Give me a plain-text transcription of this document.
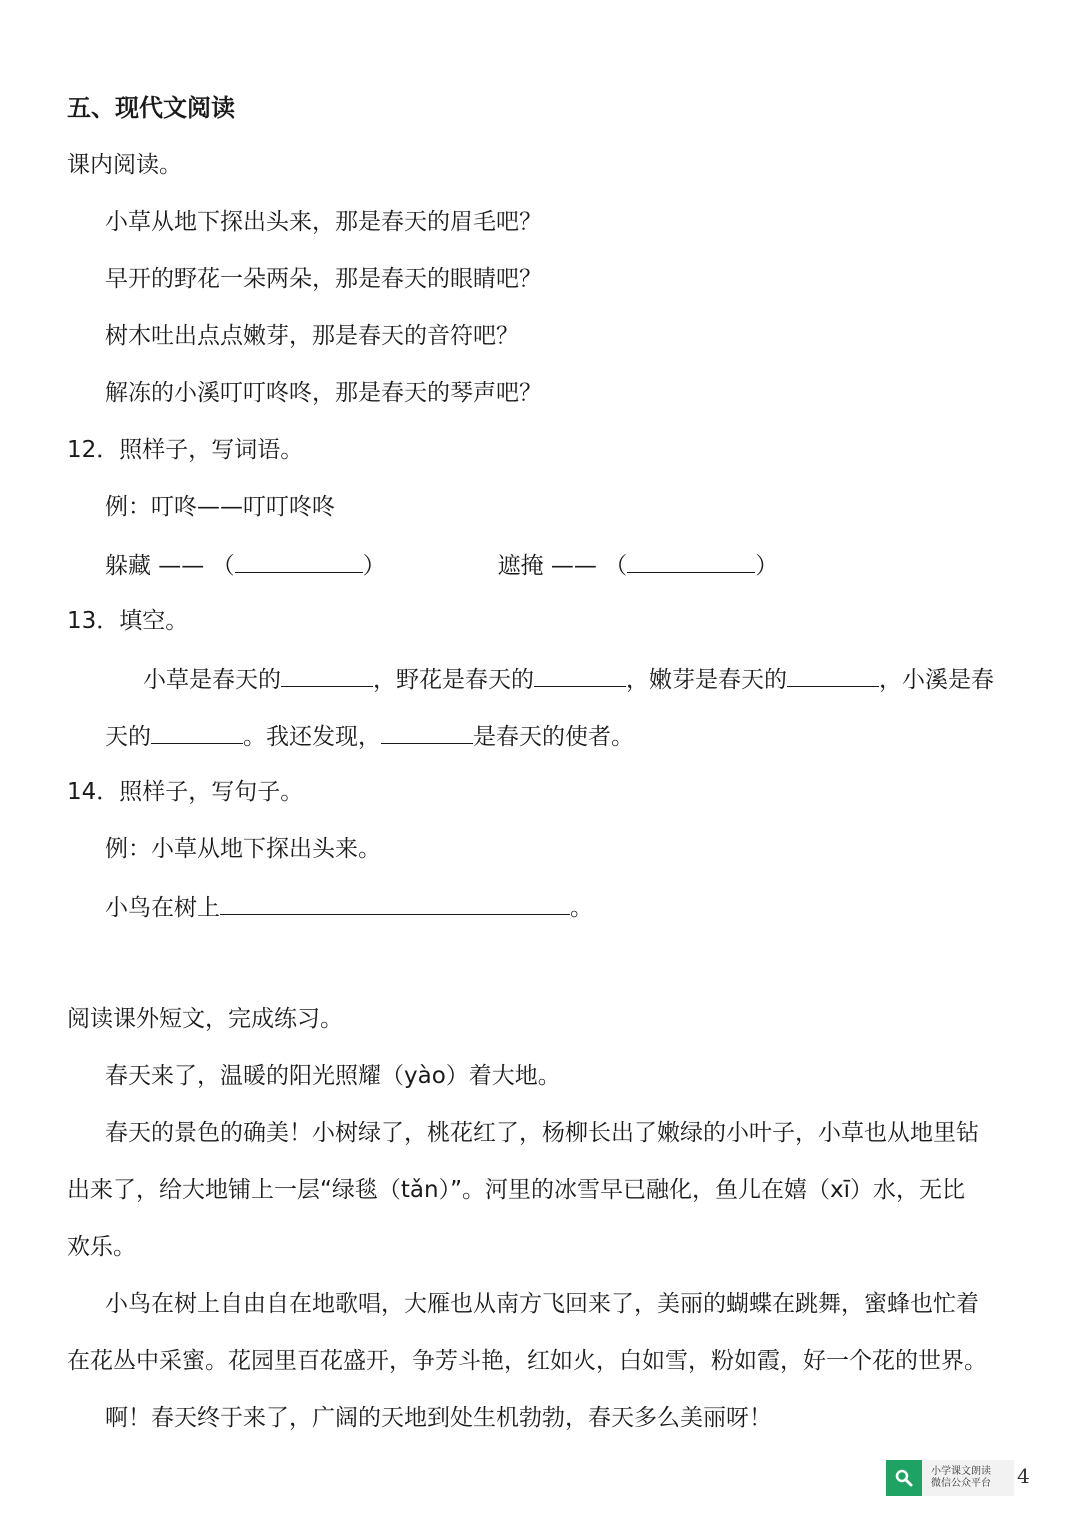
五、现代文阅读
课内阅读。
小草从地下探出头来，那是春天的眉毛吧？
早开的野花一朵两朵，那是春天的眼睛吧？
树木吐出点点嫩芽，那是春天的音符吧？
解冻的小溪叮叮咚咚，那是春天的琴声吧？
12．照样子，写词语。
例：叮咚——叮叮咚咚
躲藏 —— （	）	遮掩 —— （	）
13．填空。
小草是春天的	，野花是春天的	，嫩芽是春天的	，小溪是春
天的	。我还发现，	是春天的使者。
14．照样子，写句子。
例：小草从地下探出头来。
小鸟在树上	。
阅读课外短文，完成练习。
春天来了，温暖的阳光照耀（yào）着大地。
春天的景色的确美！小树绿了，桃花红了，杨柳长出了嫩绿的小叶子，小草也从地里钻
出来了，给大地铺上一层“绿毯（tǎn）”。河里的冰雪早已融化，鱼儿在嬉（xī）水，无比
欢乐。
小鸟在树上自由自在地歌唱，大雁也从南方飞回来了，美丽的蝴蝶在跳舞，蜜蜂也忙着
在花丛中采蜜。花园里百花盛开，争芳斗艳，红如火，白如雪，粉如霞，好一个花的世界。
啊！春天终于来了，广阔的天地到处生机勃勃，春天多么美丽呀！
小学课文朗读
微信公众平台 4
